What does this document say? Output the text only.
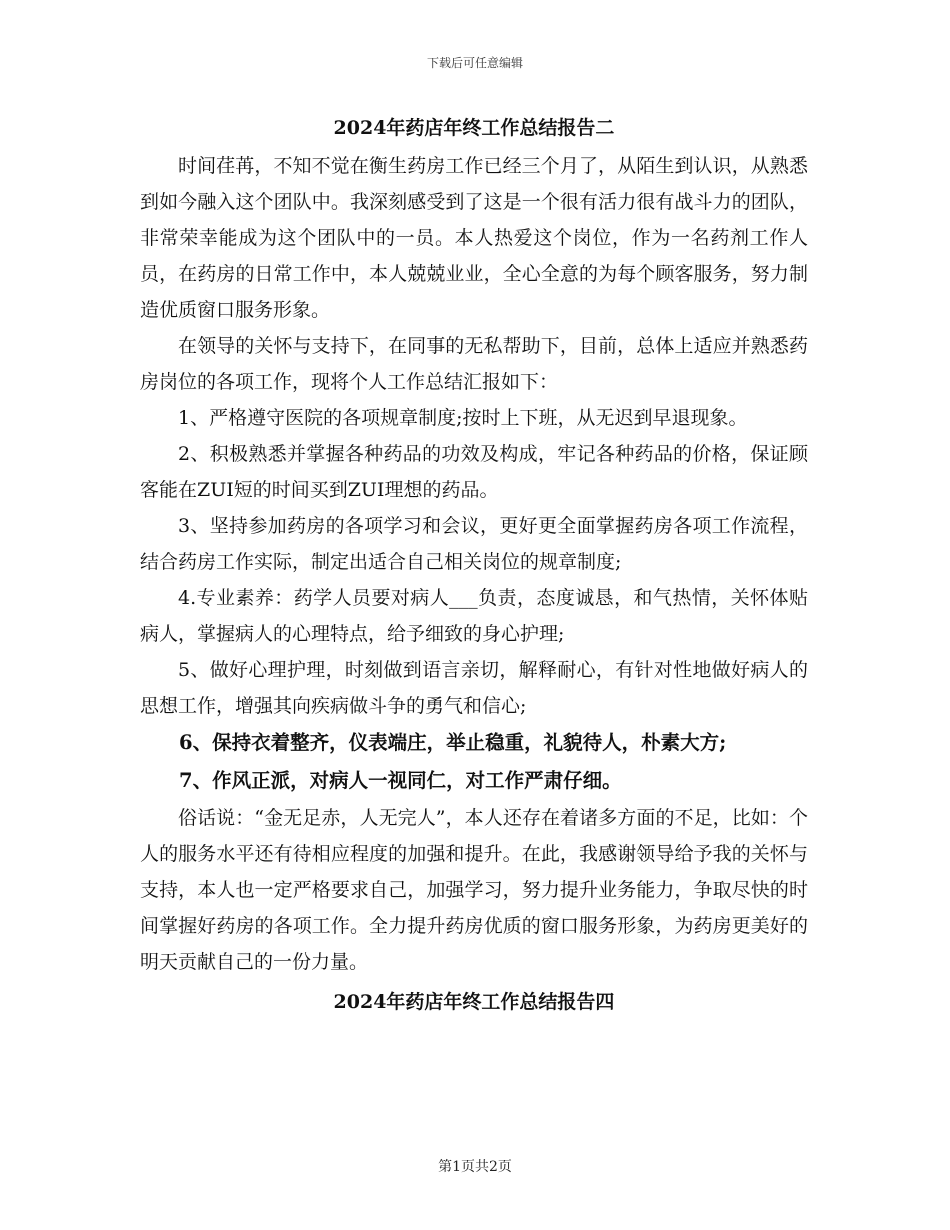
下载后可任意编辑
2024年药店年终工作总结报告二

时间荏苒，不知不觉在衡生药房工作已经三个月了，从陌生到认识，从熟悉到如今融入这个团队中。我深刻感受到了这是一个很有活力很有战斗力的团队，非常荣幸能成为这个团队中的一员。本人热爱这个岗位，作为一名药剂工作人员，在药房的日常工作中，本人兢兢业业，全心全意的为每个顾客服务，努力制造优质窗口服务形象。

在领导的关怀与支持下，在同事的无私帮助下，目前，总体上适应并熟悉药房岗位的各项工作，现将个人工作总结汇报如下：

1、严格遵守医院的各项规章制度;按时上下班，从无迟到早退现象。

2、积极熟悉并掌握各种药品的功效及构成，牢记各种药品的价格，保证顾客能在ZUI短的时间买到ZUI理想的药品。

3、坚持参加药房的各项学习和会议，更好更全面掌握药房各项工作流程，结合药房工作实际，制定出适合自己相关岗位的规章制度;

4.专业素养：药学人员要对病人___负责，态度诚恳，和气热情，关怀体贴病人，掌握病人的心理特点，给予细致的身心护理;

5、做好心理护理，时刻做到语言亲切，解释耐心，有针对性地做好病人的思想工作，增强其向疾病做斗争的勇气和信心;

6、保持衣着整齐，仪表端庄，举止稳重，礼貌待人，朴素大方;

7、作风正派，对病人一视同仁，对工作严肃仔细。

俗话说：“金无足赤，人无完人”，本人还存在着诸多方面的不足，比如：个人的服务水平还有待相应程度的加强和提升。在此，我感谢领导给予我的关怀与支持，本人也一定严格要求自己，加强学习，努力提升业务能力，争取尽快的时间掌握好药房的各项工作。全力提升药房优质的窗口服务形象，为药房更美好的明天贡献自己的一份力量。

2024年药店年终工作总结报告四
第1页共2页
